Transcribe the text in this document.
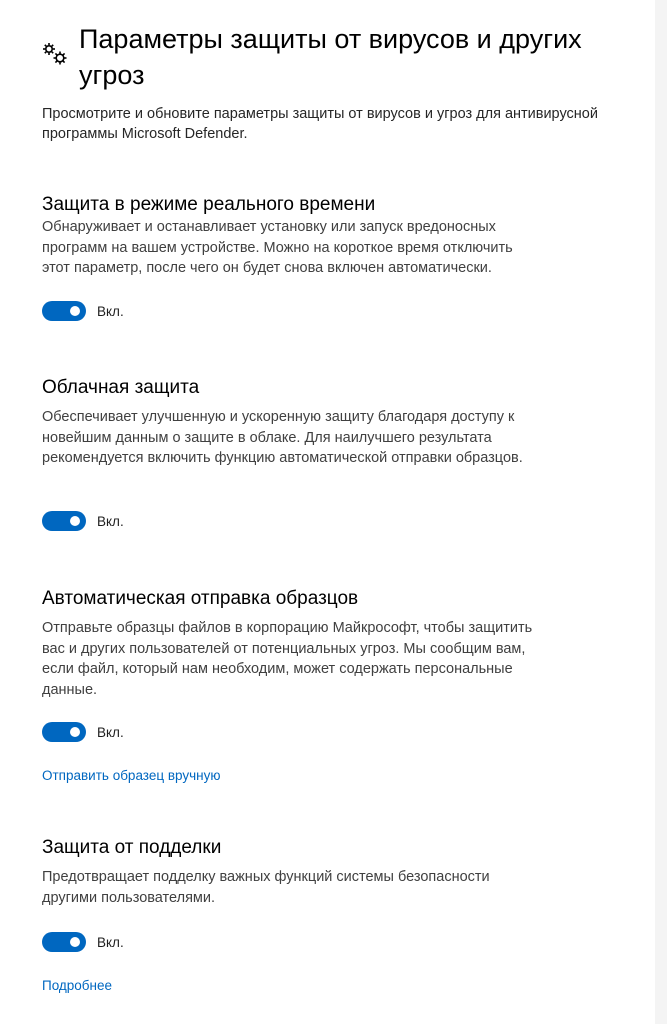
Параметры защиты от вирусов и других угроз

Просмотрите и обновите параметры защиты от вирусов и угроз для антивирусной программы Microsoft Defender.

Защита в режиме реального времени

Обнаруживает и останавливает установку или запуск вредоносных программ на вашем устройстве. Можно на короткое время отключить этот параметр, после чего он будет снова включен автоматически.

Вкл.
Облачная защита

Обеспечивает улучшенную и ускоренную защиту благодаря доступу к новейшим данным о защите в облаке. Для наилучшего результата рекомендуется включить функцию автоматической отправки образцов.

Вкл.
Автоматическая отправка образцов

Отправьте образцы файлов в корпорацию Майкрософт, чтобы защитить вас и других пользователей от потенциальных угроз. Мы сообщим вам, если файл, который нам необходим, может содержать персональные данные.

Вкл.
Отправить образец вручную
Защита от подделки

Предотвращает подделку важных функций системы безопасности другими пользователями.

Вкл.
Подробнее
